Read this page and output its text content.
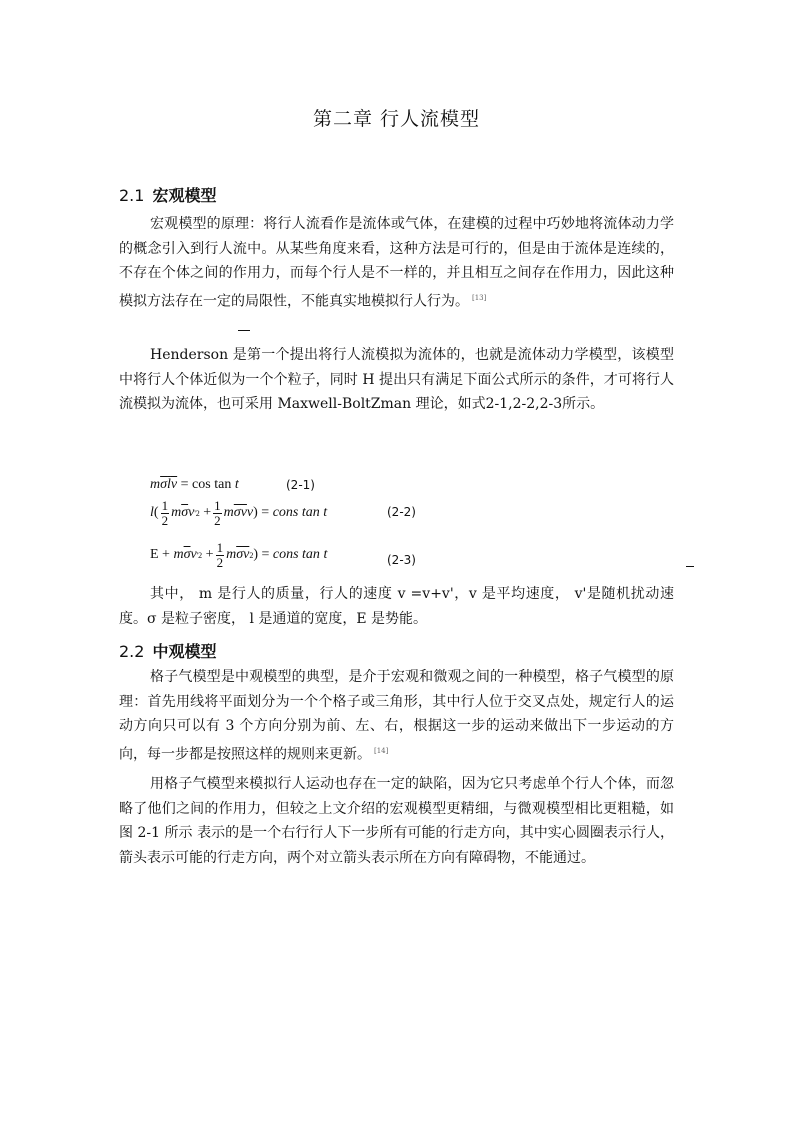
第二章 行人流模型
2.1 宏观模型

宏观模型的原理：将行人流看作是流体或气体，在建模的过程中巧妙地将流体动力学的概念引入到行人流中。从某些角度来看，这种方法是可行的，但是由于流体是连续的，不存在个体之间的作用力，而每个行人是不一样的，并且相互之间存在作用力，因此这种模拟方法存在一定的局限性，不能真实地模拟行人行为。 [13]

Henderson 是第一个提出将行人流模拟为流体的，也就是流体动力学模型，该模型中将行人个体近似为一个个粒子，同时 H 提出只有满足下面公式所示的条件，才可将行人流模拟为流体，也可采用 Maxwell-BoltZman 理论，如式2-1,2-2,2-3所示。

m $\overline{\sigma}$ $\overline{l}$ $\overline{v} = \cos \tan$
t	(2-1)
l ( $\frac{1}{2}$ m $\overline{\sigma}$ v '$2 + \frac{1}{2}$ m $\overline{\sigma v}$ v ) = cons tan
t	(2-2)
E + m $\overline{\sigma}$ v '$2 + \frac{1}{2}$ m $\overline{\sigma v}$ 2 ) = cons tan
t	(2-3)

其中， m 是行人的质量，行人的速度 v =v+v'，v 是平均速度， v'是随机扰动速度。σ 是粒子密度， l 是通道的宽度，E 是势能。

2.2 中观模型

格子气模型是中观模型的典型，是介于宏观和微观之间的一种模型，格子气模型的原理：首先用线将平面划分为一个个格子或三角形，其中行人位于交叉点处，规定行人的运动方向只可以有 3 个方向分别为前、左、右，根据这一步的运动来做出下一步运动的方向，每一步都是按照这样的规则来更新。 [14]

用格子气模型来模拟行人运动也存在一定的缺陷，因为它只考虑单个行人个体，而忽略了他们之间的作用力，但较之上文介绍的宏观模型更精细，与微观模型相比更粗糙，如图 2-1 所示 表示的是一个右行行人下一步所有可能的行走方向，其中实心圆圈表示行人，箭头表示可能的行走方向，两个对立箭头表示所在方向有障碍物，不能通过。
